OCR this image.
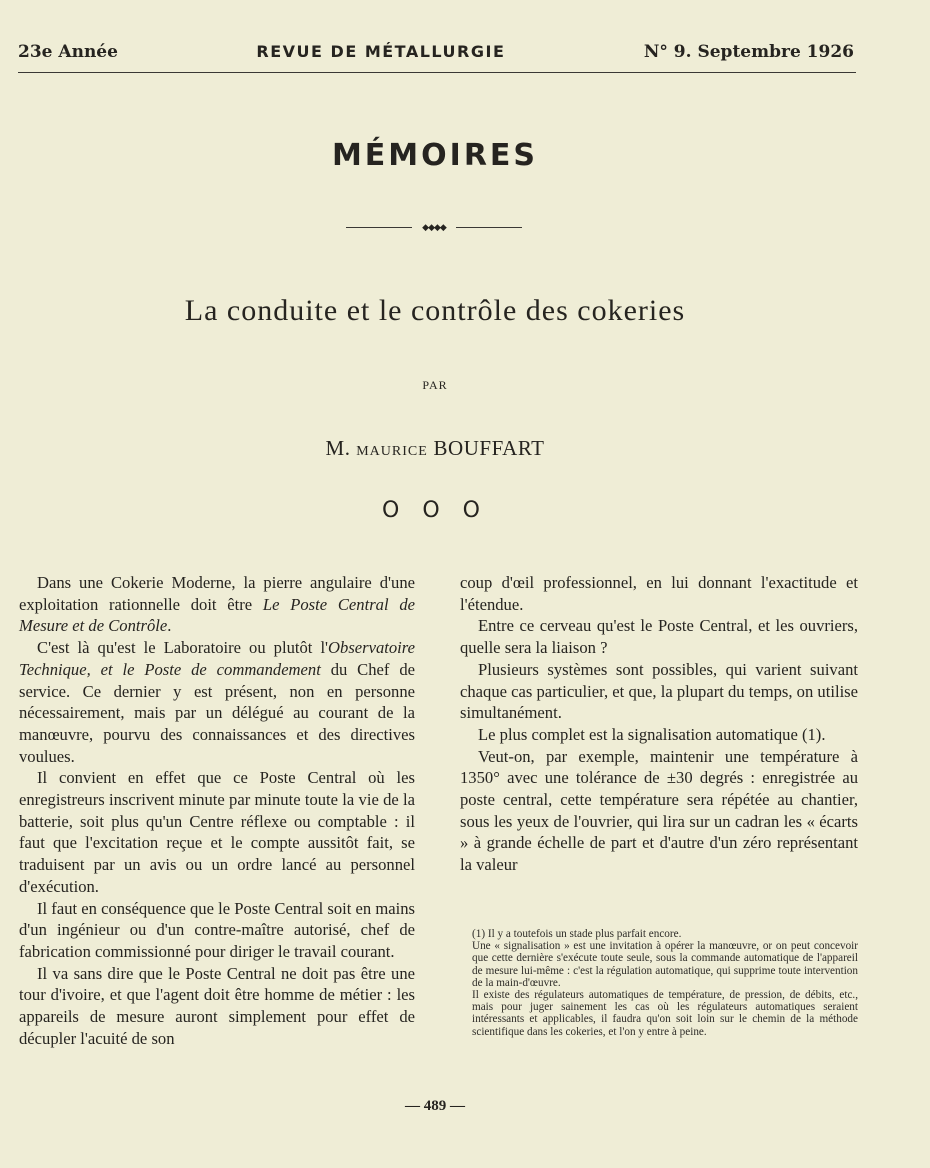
23e Année	REVUE DE MÉTALLURGIE	N° 9. Septembre 1926
MÉMOIRES
◆◆◆◆
La conduite et le contrôle des cokeries
PAR
M. MAURICE BOUFFART
O O O

Dans une Cokerie Moderne, la pierre angulaire d'une exploitation rationnelle doit être Le Poste Central de Mesure et de Contrôle.

C'est là qu'est le Laboratoire ou plutôt l'Observatoire Technique, et le Poste de commandement du Chef de service. Ce dernier y est présent, non en personne nécessairement, mais par un délégué au courant de la manœuvre, pourvu des connaissances et des directives voulues.

Il convient en effet que ce Poste Central où les enregistreurs inscrivent minute par minute toute la vie de la batterie, soit plus qu'un Centre réflexe ou comptable : il faut que l'excitation reçue et le compte aussitôt fait, se traduisent par un avis ou un ordre lancé au personnel d'exécution.

Il faut en conséquence que le Poste Central soit en mains d'un ingénieur ou d'un contre-maître autorisé, chef de fabrication commissionné pour diriger le travail courant.

Il va sans dire que le Poste Central ne doit pas être une tour d'ivoire, et que l'agent doit être homme de métier : les appareils de mesure auront simplement pour effet de décupler l'acuité de son

coup d'œil professionnel, en lui donnant l'exactitude et l'étendue.

Entre ce cerveau qu'est le Poste Central, et les ouvriers, quelle sera la liaison ?

Plusieurs systèmes sont possibles, qui varient suivant chaque cas particulier, et que, la plupart du temps, on utilise simultanément.

Le plus complet est la signalisation automatique (1).

Veut-on, par exemple, maintenir une température à 1350° avec une tolérance de ±30 degrés : enregistrée au poste central, cette température sera répétée au chantier, sous les yeux de l'ouvrier, qui lira sur un cadran les « écarts » à grande échelle de part et d'autre d'un zéro représentant la valeur

(1) Il y a toutefois un stade plus parfait encore.

Une « signalisation » est une invitation à opérer la manœuvre, or on peut concevoir que cette dernière s'exécute toute seule, sous la commande automatique de l'appareil de mesure lui-même : c'est la régulation automatique, qui supprime toute intervention de la main-d'œuvre.

Il existe des régulateurs automatiques de température, de pression, de débits, etc., mais pour juger sainement les cas où les régulateurs automatiques seraient intéressants et applicables, il faudra qu'on soit loin sur le chemin de la méthode scientifique dans les cokeries, et l'on y entre à peine.

— 489 —
